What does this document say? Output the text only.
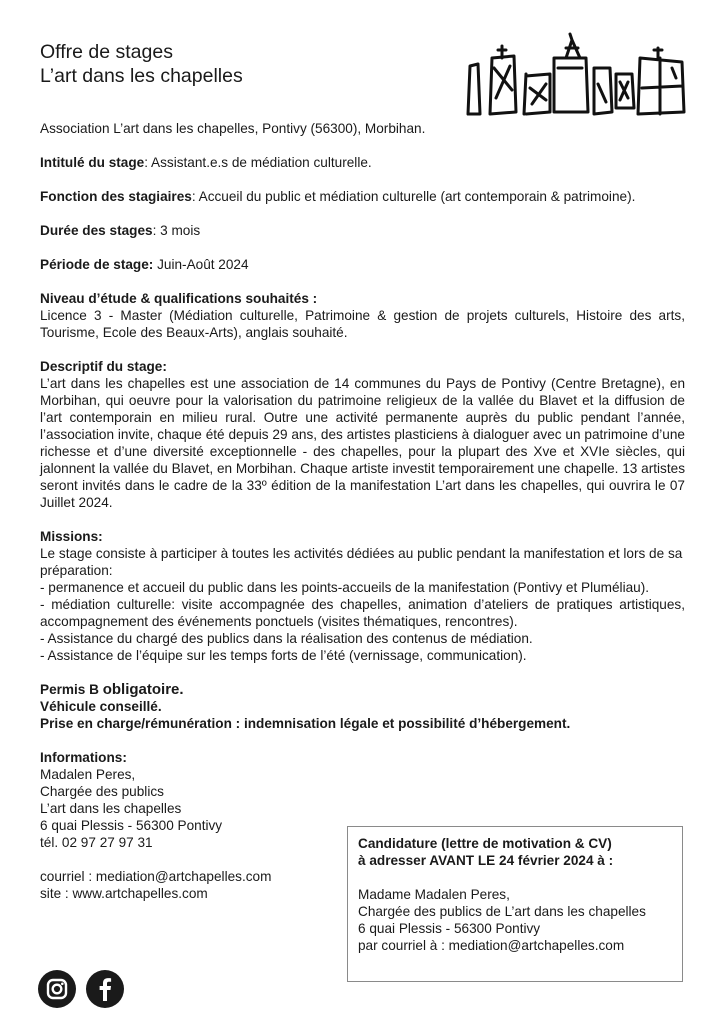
Offre de stages
L’art dans les chapelles

Association L’art dans les chapelles, Pontivy (56300), Morbihan.

Intitulé du stage: Assistant.e.s de médiation culturelle.

Fonction des stagiaires: Accueil du public et médiation culturelle (art contemporain & patrimoine).

Durée des stages: 3 mois

Période de stage: Juin-Août 2024

Niveau d’étude & qualifications souhaités :

Licence 3 - Master (Médiation culturelle, Patrimoine & gestion de projets culturels, Histoire des arts, Tourisme, Ecole des Beaux-Arts), anglais souhaité.

Descriptif du stage:

L’art dans les chapelles est une association de 14 communes du Pays de Pontivy (Centre Bretagne), en Morbihan, qui oeuvre pour la valorisation du patrimoine religieux de la vallée du Blavet et la diffusion de l’art contemporain en milieu rural. Outre une activité permanente auprès du public pendant l’année, l’association invite, chaque été depuis 29 ans, des artistes plasticiens à dialoguer avec un patrimoine d’une richesse et d’une diversité exceptionnelle - des chapelles, pour la plupart des Xve et XVIe siècles, qui jalonnent la vallée du Blavet, en Morbihan. Chaque artiste investit temporairement une chapelle. 13 artistes seront invités dans le cadre de la 33º édition de la manifestation L’art dans les chapelles, qui ouvrira le 07 Juillet 2024.

Missions:

Le stage consiste à participer à toutes les activités dédiées au public pendant la manifestation et lors de sa préparation:

- permanence et accueil du public dans les points-accueils de la manifestation (Pontivy et Pluméliau).

- médiation culturelle: visite accompagnée des chapelles, animation d’ateliers de pratiques artistiques, accompagnement des événements ponctuels (visites thématiques, rencontres).

- Assistance du chargé des publics dans la réalisation des contenus de médiation.

- Assistance de l’équipe sur les temps forts de l’été (vernissage, communication).

Permis B obligatoire.

Véhicule conseillé.

Prise en charge/rémunération : indemnisation légale et possibilité d’hébergement.

Informations:

Madalen Peres,

Chargée des publics

L’art dans les chapelles

6 quai Plessis - 56300 Pontivy

tél. 02 97 27 97 31

courriel : mediation@artchapelles.com

site : www.artchapelles.com

Candidature (lettre de motivation & CV)

à adresser AVANT LE 24 février 2024 à :

Madame Madalen Peres,

Chargée des publics de L’art dans les chapelles

6 quai Plessis - 56300 Pontivy

par courriel à : mediation@artchapelles.com
